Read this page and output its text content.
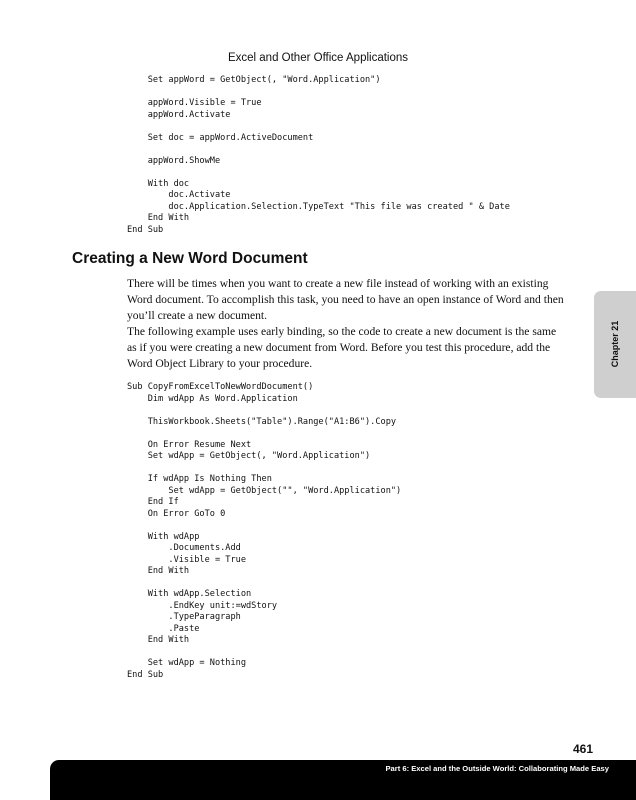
Excel and Other Office Applications
Set appWord = GetObject(, "Word.Application")

appWord.Visible = True
appWord.Activate

Set doc = appWord.ActiveDocument

appWord.ShowMe

With doc
doc.Activate
doc.Application.Selection.TypeText "This file was created " & Date
End With
End Sub
Creating a New Word Document

There will be times when you want to create a new file instead of working with an existing Word document. To accomplish this task, you need to have an open instance of Word and then you’ll create a new document.

The following example uses early binding, so the code to create a new document is the same as if you were creating a new document from Word. Before you test this procedure, add the Word Object Library to your procedure.

Sub CopyFromExcelToNewWordDocument()
Dim wdApp As Word.Application

ThisWorkbook.Sheets("Table").Range("A1:B6").Copy

On Error Resume Next
Set wdApp = GetObject(, "Word.Application")

If wdApp Is Nothing Then
Set wdApp = GetObject("", "Word.Application")
End If
On Error GoTo 0

With wdApp
.Documents.Add
.Visible = True
End With

With wdApp.Selection
.EndKey unit:=wdStory
.TypeParagraph
.Paste
End With

Set wdApp = Nothing
End Sub
Chapter 21
461
Part 6: Excel and the Outside World: Collaborating Made Easy
